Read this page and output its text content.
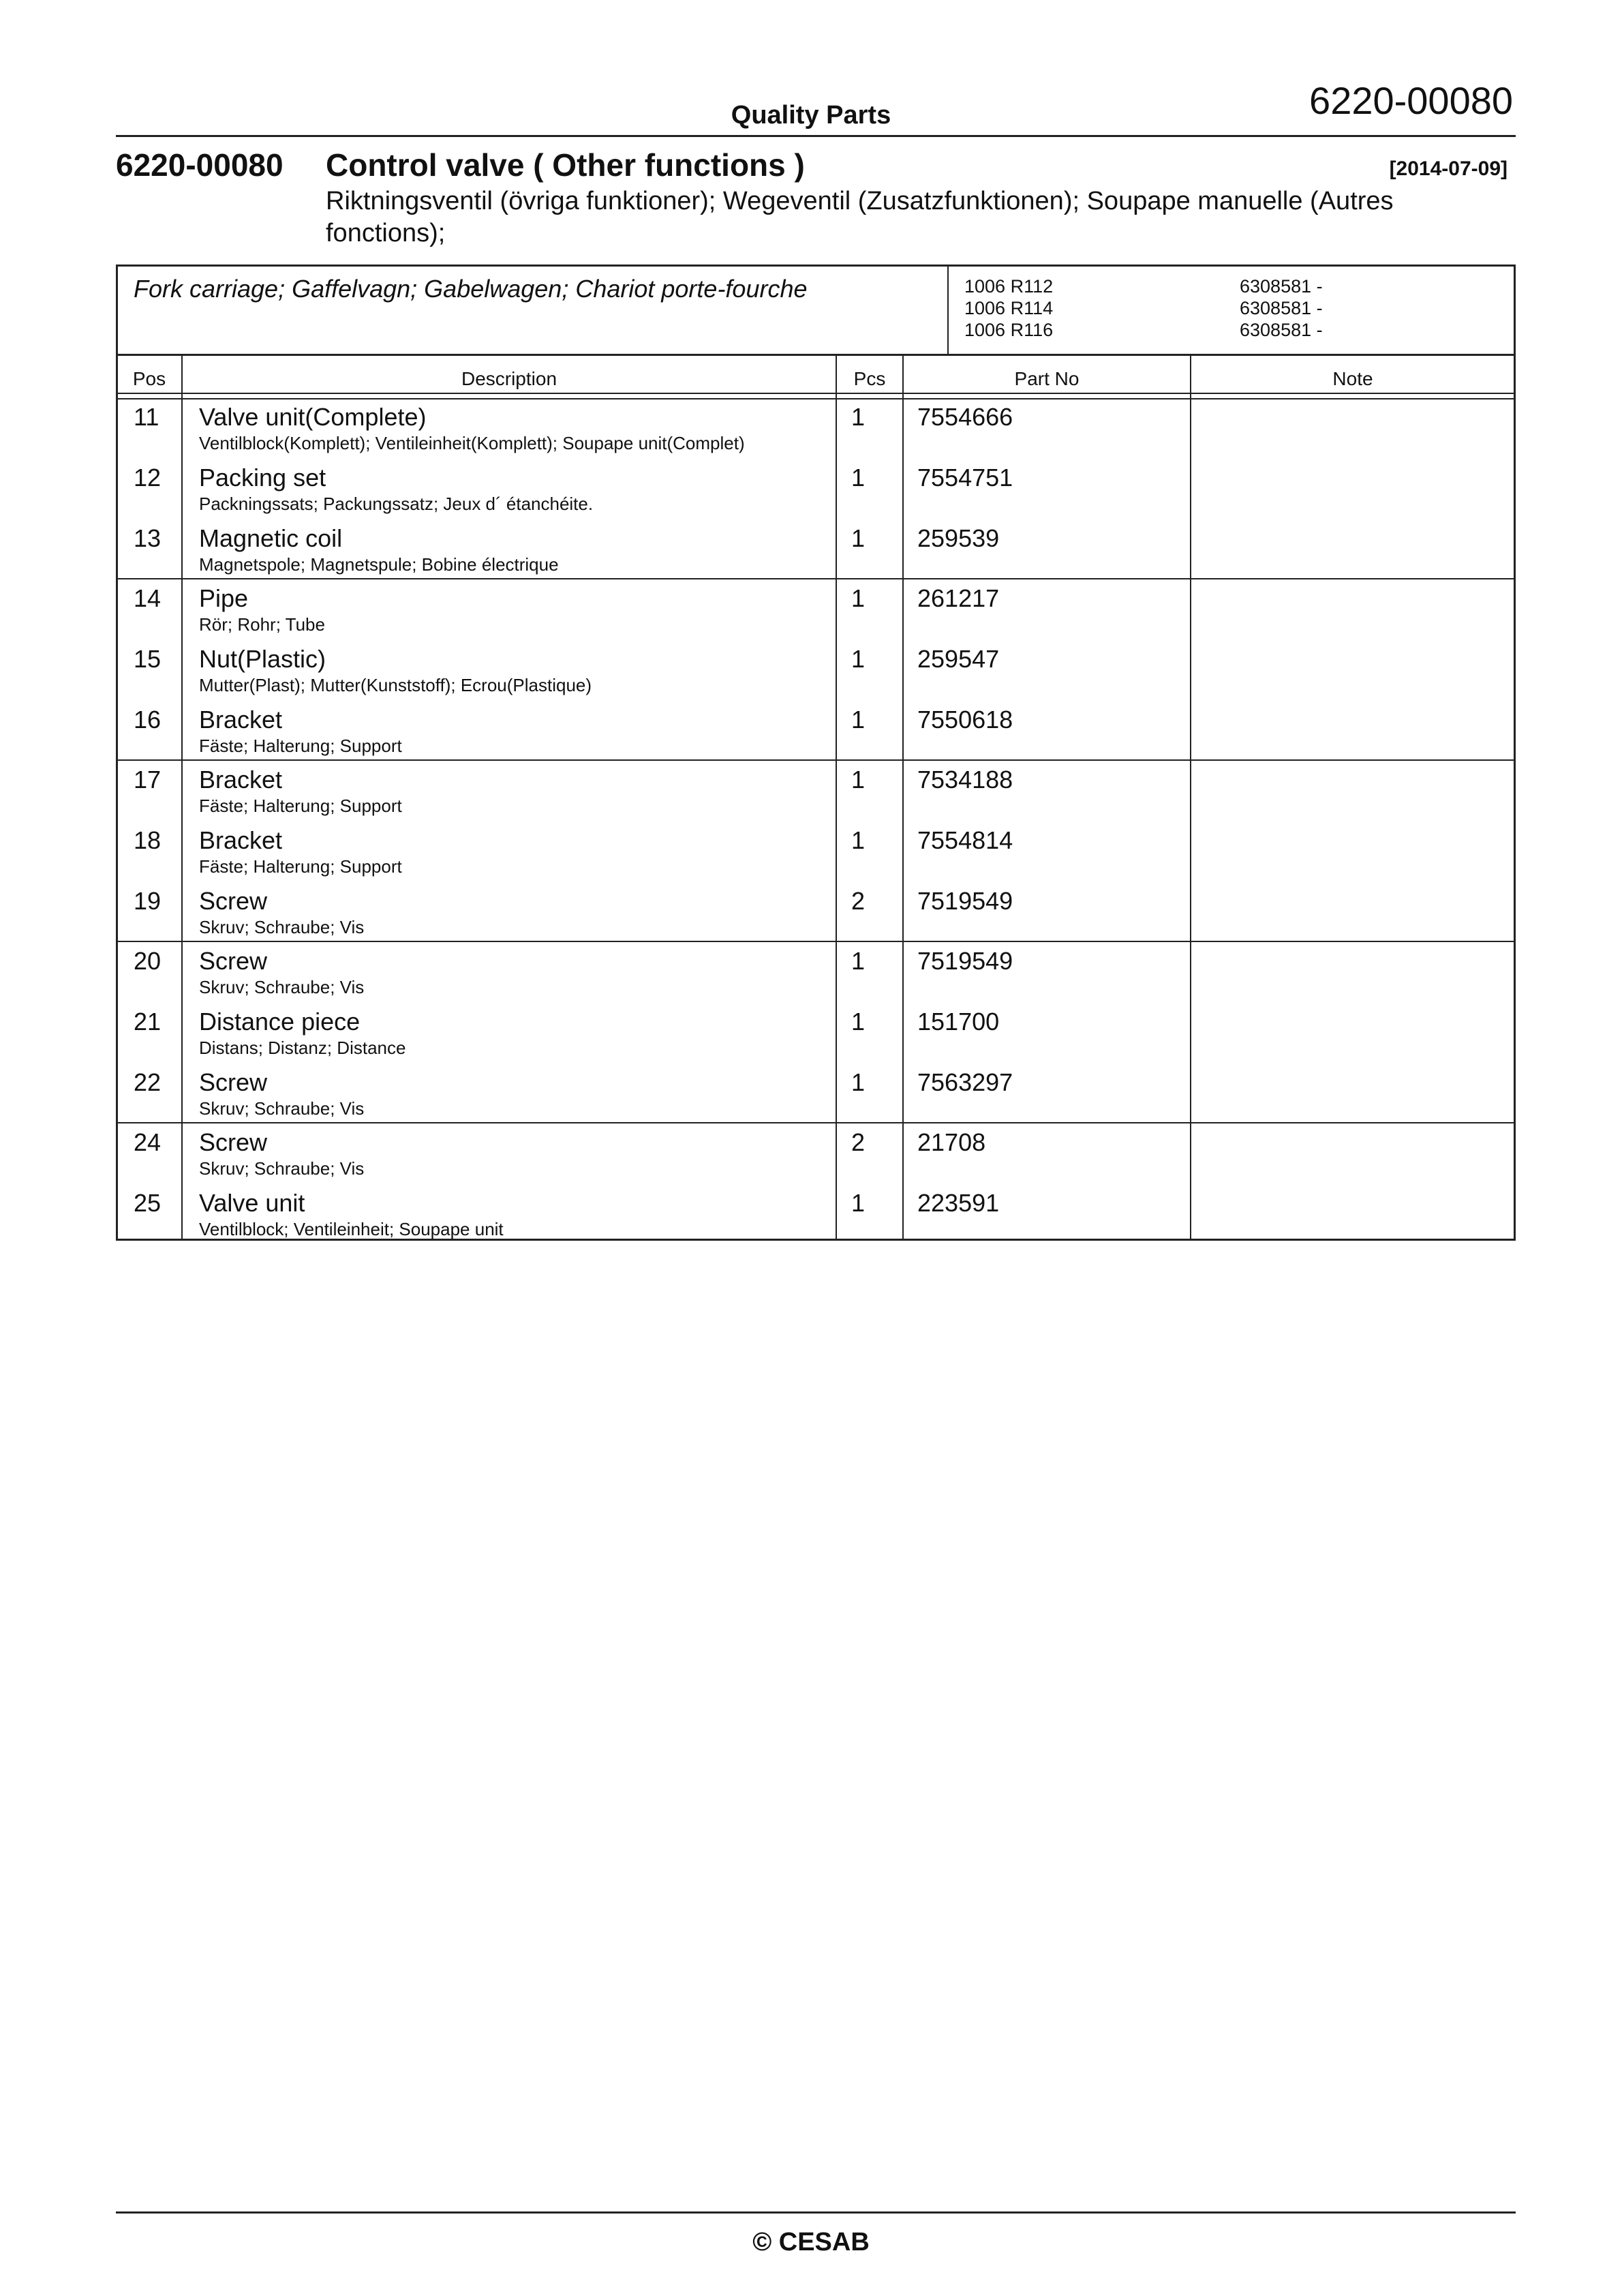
Quality Parts	6220-00080
6220-00080 Control valve ( Other functions )	[2014-07-09]
Riktningsventil (övriga funktioner); Wegeventil (Zusatzfunktionen); Soupape manuelle (Autres fonctions);
Fork carriage; Gaffelvagn; Gabelwagen; Chariot porte-fourche	1006 R112	6308581 -
1006 R114	6308581 -
1006 R116	6308581 -
Pos	Description	Pcs	Part No	Note
11 Valve unit(Complete)
Ventilblock(Komplett); Ventileinheit(Komplett); Soupape unit(Complet)
1 7554666
12 Packing set
Packningssats; Packungssatz; Jeux d´ étanchéite.
1 7554751
13 Magnetic coil
Magnetspole; Magnetspule; Bobine électrique
1 259539
14 Pipe
Rör; Rohr; Tube
1 261217
15 Nut(Plastic)
Mutter(Plast); Mutter(Kunststoff); Ecrou(Plastique)
1 259547
16 Bracket
Fäste; Halterung; Support
1 7550618
17 Bracket
Fäste; Halterung; Support
1 7534188
18 Bracket
Fäste; Halterung; Support
1 7554814
19 Screw
Skruv; Schraube; Vis
2 7519549
20 Screw
Skruv; Schraube; Vis
1 7519549
21 Distance piece
Distans; Distanz; Distance
1 151700
22 Screw
Skruv; Schraube; Vis
1 7563297
24 Screw
Skruv; Schraube; Vis
2 21708
25 Valve unit
Ventilblock; Ventileinheit; Soupape unit
1 223591
© CESAB
